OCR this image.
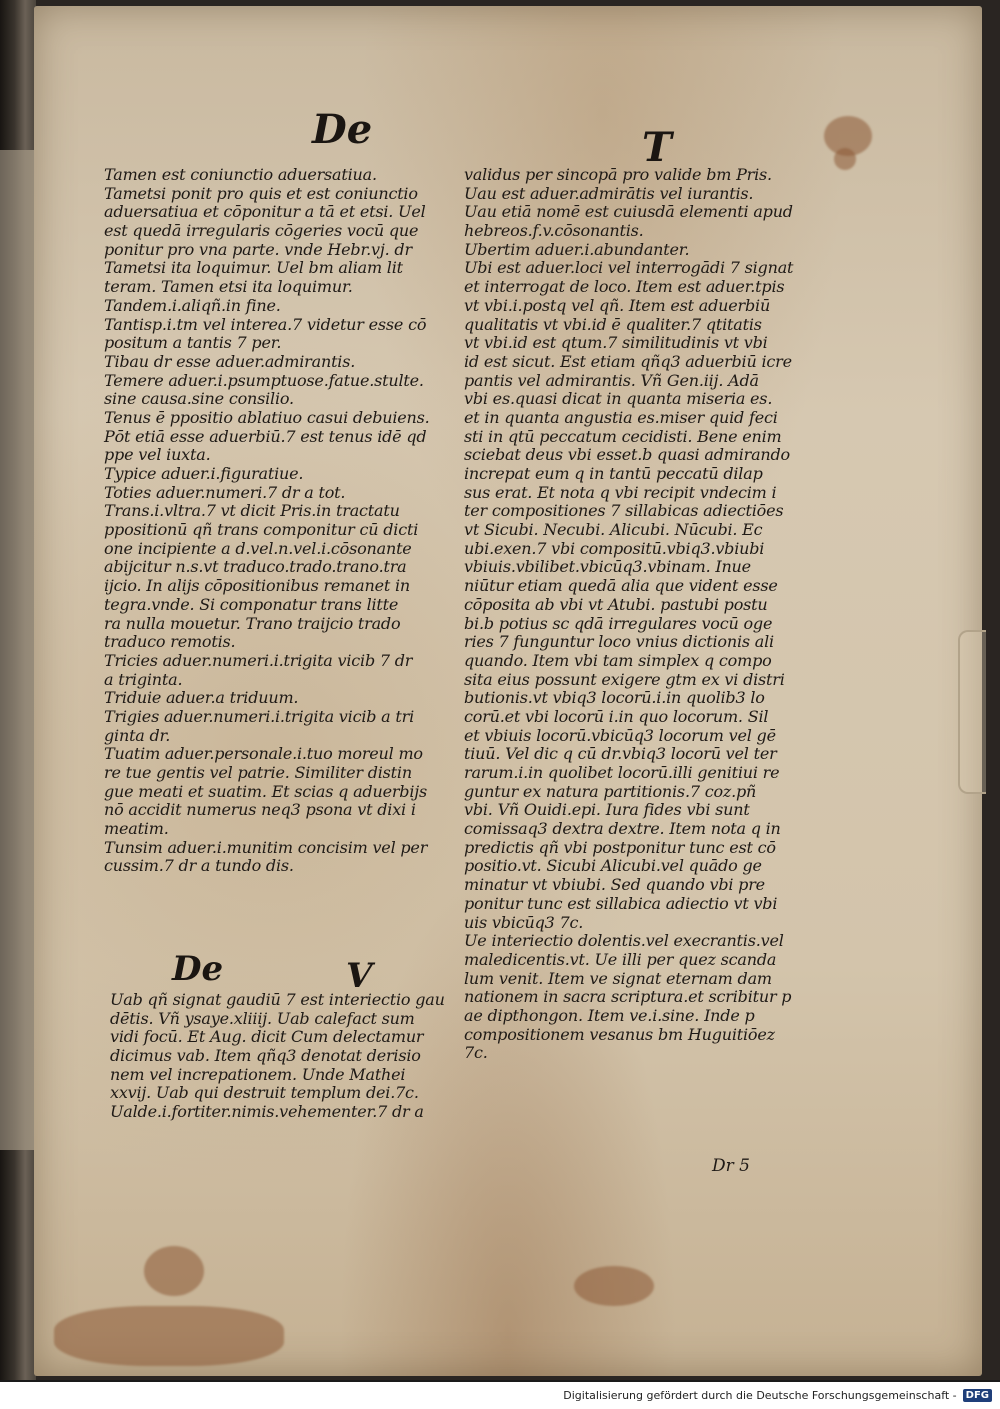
De	T
Tamen est coniunctio aduersatiua.
Tametsi ponit pro quis et est coniunctio
aduersatiua et cōponitur a tā et etsi. Uel
est quedā irregularis cōgeries vocū que
ponitur pro vna parte. vnde Hebr.vj. dr
Tametsi ita loquimur. Uel bm aliam lit
teram. Tamen etsi ita loquimur.
Tandem.i.aliqñ.in fine.
Tantisp.i.tm vel interea.7 videtur esse cō
positum a tantis 7 per.
Tibau dr esse aduer.admirantis.
Temere aduer.i.psumptuose.fatue.stulte.
sine causa.sine consilio.
Tenus ē ppositio ablatiuo casui debuiens.
Pōt etiā esse aduerbiū.7 est tenus idē qd
ppe vel iuxta.
Typice aduer.i.figuratiue.
Toties aduer.numeri.7 dr a tot.
Trans.i.vltra.7 vt dicit Pris.in tractatu
ppositionū qñ trans componitur cū dicti
one incipiente a d.vel.n.vel.i.cōsonante
abijcitur n.s.vt traduco.trado.trano.tra
ijcio. In alijs cōpositionibus remanet in
tegra.vnde. Si componatur trans litte
ra nulla mouetur. Trano traijcio trado
traduco remotis.
Tricies aduer.numeri.i.trigita vicib 7 dr
a triginta.
Triduie aduer.a triduum.
Trigies aduer.numeri.i.trigita vicib a tri
ginta dr.
Tuatim aduer.personale.i.tuo moreul mo
re tue gentis vel patrie. Similiter distin
gue meati et suatim. Et scias q aduerbijs
nō accidit numerus neq3 psona vt dixi i
meatim.
Tunsim aduer.i.munitim concisim vel per
cussim.7 dr a tundo dis.
De	V
Uab qñ signat gaudiū 7 est interiectio gau
dētis. Vñ ysaye.xliiij. Uab calefact sum
vidi focū. Et Aug. dicit Cum delectamur
dicimus vab. Item qñq3 denotat derisio
nem vel increpationem. Unde Mathei
xxvij. Uab qui destruit templum dei.7c.
Ualde.i.fortiter.nimis.vehementer.7 dr a
validus per sincopā pro valide bm Pris.
Uau est aduer.admirātis vel iurantis.
Uau etiā nomē est cuiusdā elementi apud
hebreos.f.v.cōsonantis.
Ubertim aduer.i.abundanter.
Ubi est aduer.loci vel interrogādi 7 signat
et interrogat de loco. Item est aduer.tpis
vt vbi.i.postq vel qñ. Item est aduerbiū
qualitatis vt vbi.id ē qualiter.7 qtitatis
vt vbi.id est qtum.7 similitudinis vt vbi
id est sicut. Est etiam qñq3 aduerbiū icre
pantis vel admirantis. Vñ Gen.iij. Adā
vbi es.quasi dicat in quanta miseria es.
et in quanta angustia es.miser quid feci
sti in qtū peccatum cecidisti. Bene enim
sciebat deus vbi esset.b quasi admirando
increpat eum q in tantū peccatū dilap
sus erat. Et nota q vbi recipit vndecim i
ter compositiones 7 sillabicas adiectiōes
vt Sicubi. Necubi. Alicubi. Nūcubi. Ec
ubi.exen.7 vbi compositū.vbiq3.vbiubi
vbiuis.vbilibet.vbicūq3.vbinam. Inue
niūtur etiam quedā alia que vident esse
cōposita ab vbi vt Atubi. pastubi postu
bi.b potius sc qdā irregulares vocū oge
ries 7 funguntur loco vnius dictionis ali
quando. Item vbi tam simplex q compo
sita eius possunt exigere gtm ex vi distri
butionis.vt vbiq3 locorū.i.in quolib3 lo
corū.et vbi locorū i.in quo locorum. Sil
et vbiuis locorū.vbicūq3 locorum vel gē
tiuū. Vel dic q cū dr.vbiq3 locorū vel ter
rarum.i.in quolibet locorū.illi genitiui re
guntur ex natura partitionis.7 coz.pñ
vbi. Vñ Ouidi.epi. Iura fides vbi sunt
comissaq3 dextra dextre. Item nota q in
predictis qñ vbi postponitur tunc est cō
positio.vt. Sicubi Alicubi.vel quādo ge
minatur vt vbiubi. Sed quando vbi pre
ponitur tunc est sillabica adiectio vt vbi
uis vbicūq3 7c.
Ue interiectio dolentis.vel execrantis.vel
maledicentis.vt. Ue illi per quez scanda
lum venit. Item ve signat eternam dam
nationem in sacra scriptura.et scribitur p
ae dipthongon. Item ve.i.sine. Inde p
compositionem vesanus bm Huguitiōez
7c.
Dr 5
Digitalisierung gefördert durch die Deutsche Forschungsgemeinschaft - DFG
